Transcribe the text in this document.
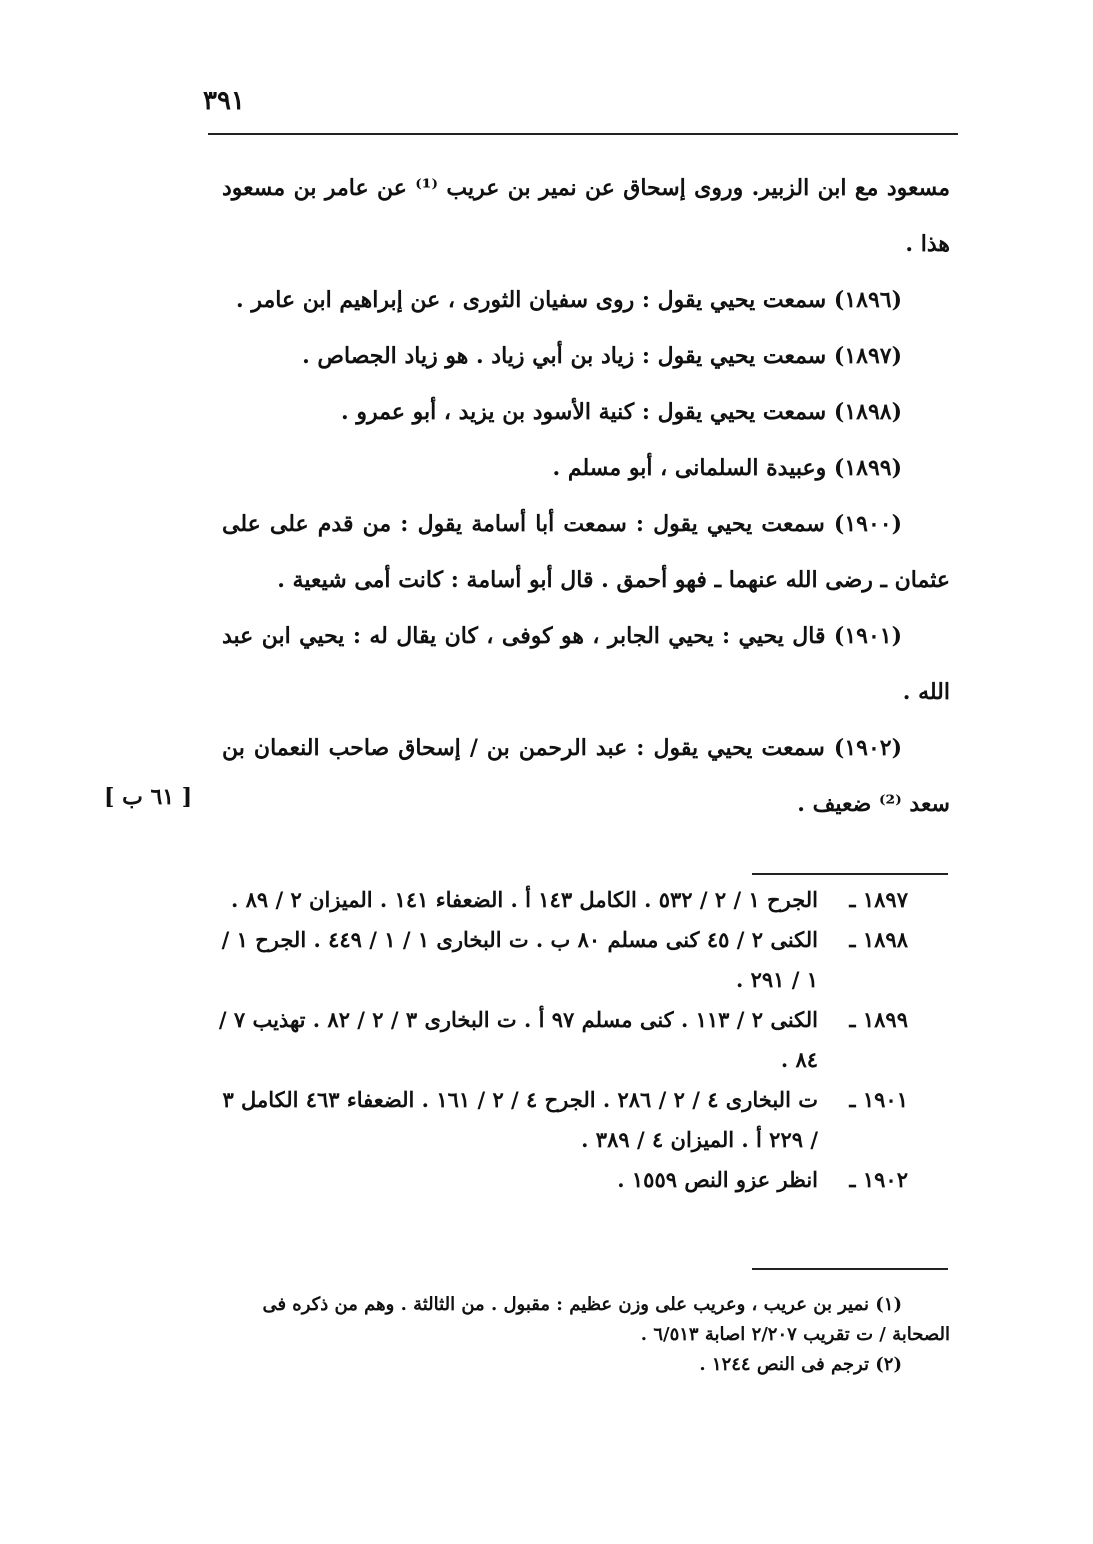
٣٩١

مسعود مع ابن الزبير. وروى إسحاق عن نمير بن عريب ⁽¹⁾ عن عامر بن مسعود هذا .

(١٨٩٦) سمعت يحيي يقول : روى سفيان الثورى ، عن إبراهيم ابن عامر .

(١٨٩٧) سمعت يحيي يقول : زياد بن أبي زياد . هو زياد الجصاص .

(١٨٩٨) سمعت يحيي يقول : كنية الأسود بن يزيد ، أبو عمرو .

(١٨٩٩) وعبيدة السلمانى ، أبو مسلم .

(١٩٠٠) سمعت يحيي يقول : سمعت أبا أسامة يقول : من قدم على على عثمان ـ رضى الله عنهما ـ فهو أحمق . قال أبو أسامة : كانت أمى شيعية .

(١٩٠١) قال يحيي : يحيي الجابر ، هو كوفى ، كان يقال له : يحيي ابن عبد الله .

(١٩٠٢) سمعت يحيي يقول : عبد الرحمن بن / إسحاق صاحب النعمان بن سعد ⁽²⁾ ضعيف .

[ ٦١ ب ]
١٨٩٧ ـ
الجرح ١ / ٢ / ٥٣٢ . الكامل ١٤٣ أ . الضعفاء ١٤١ . الميزان ٢ / ٨٩ .
١٨٩٨ ـ
الكنى ٢ / ٤٥ كنى مسلم ٨٠ ب . ت البخارى ١ / ١ / ٤٤٩ . الجرح ١ / ١ / ٢٩١ .
١٨٩٩ ـ
الكنى ٢ / ١١٣ . كنى مسلم ٩٧ أ . ت البخارى ٣ / ٢ / ٨٢ . تهذيب ٧ / ٨٤ .
١٩٠١ ـ
ت البخارى ٤ / ٢ / ٢٨٦ . الجرح ٤ / ٢ / ١٦١ . الضعفاء ٤٦٣ الكامل ٣ / ٢٢٩ أ . الميزان ٤ / ٣٨٩ .
١٩٠٢ ـ
انظر عزو النص ١٥٥٩ .

(١) نمير بن عريب ، وعريب على وزن عظيم : مقبول . من الثالثة . وهم من ذكره فى الصحابة / ت تقريب ٢/٢٠٧ اصابة ٦/٥١٣ .

(٢) ترجم فى النص ١٢٤٤ .
